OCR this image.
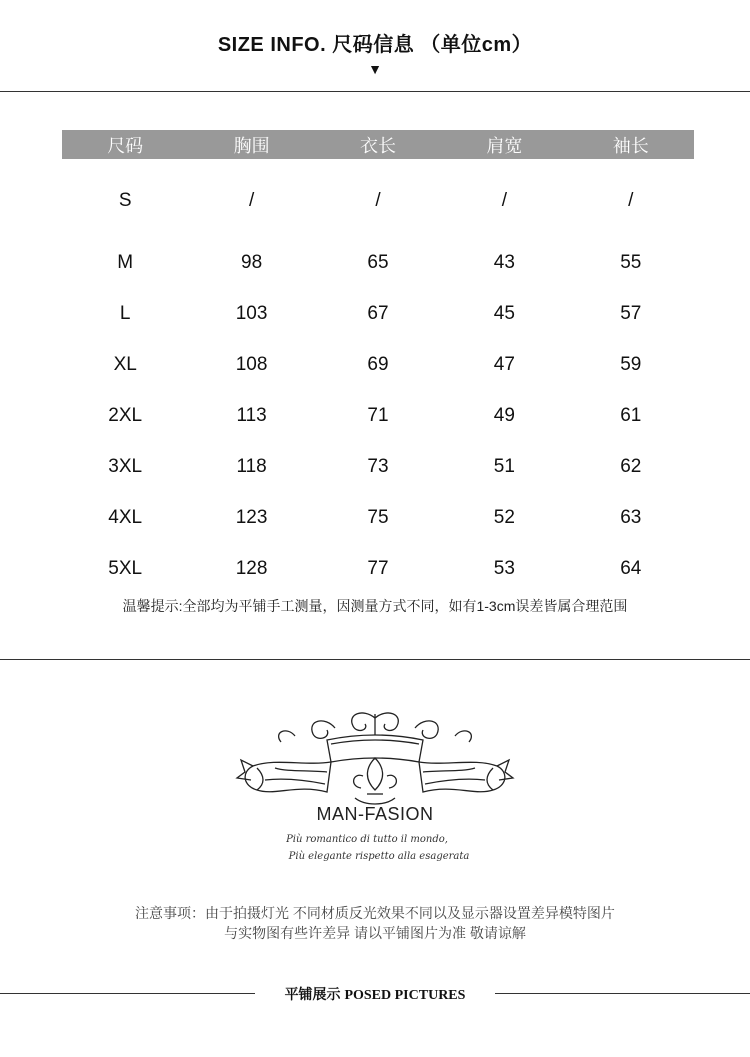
SIZE INFO. 尺码信息 （单位cm）
▼
尺码	胸围	衣长	肩宽	袖长
S	/	/	/	/
M	98	65	43	55
L	103	67	45	57
XL	108	69	47	59
2XL	113	71	49	61
3XL	118	73	51	62
4XL	123	75	52	63
5XL	128	77	53	64
温馨提示:全部均为平铺手工测量，因测量方式不同，如有1-3cm误差皆属合理范围
MAN-FASION
Più romantico di tutto il mondo,
Più elegante rispetto alla esagerata
注意事项：由于拍摄灯光 不同材质反光效果不同以及显示器设置差异模特图片
与实物图有些许差异 请以平铺图片为准 敬请谅解
平铺展示 POSED PICTURES
